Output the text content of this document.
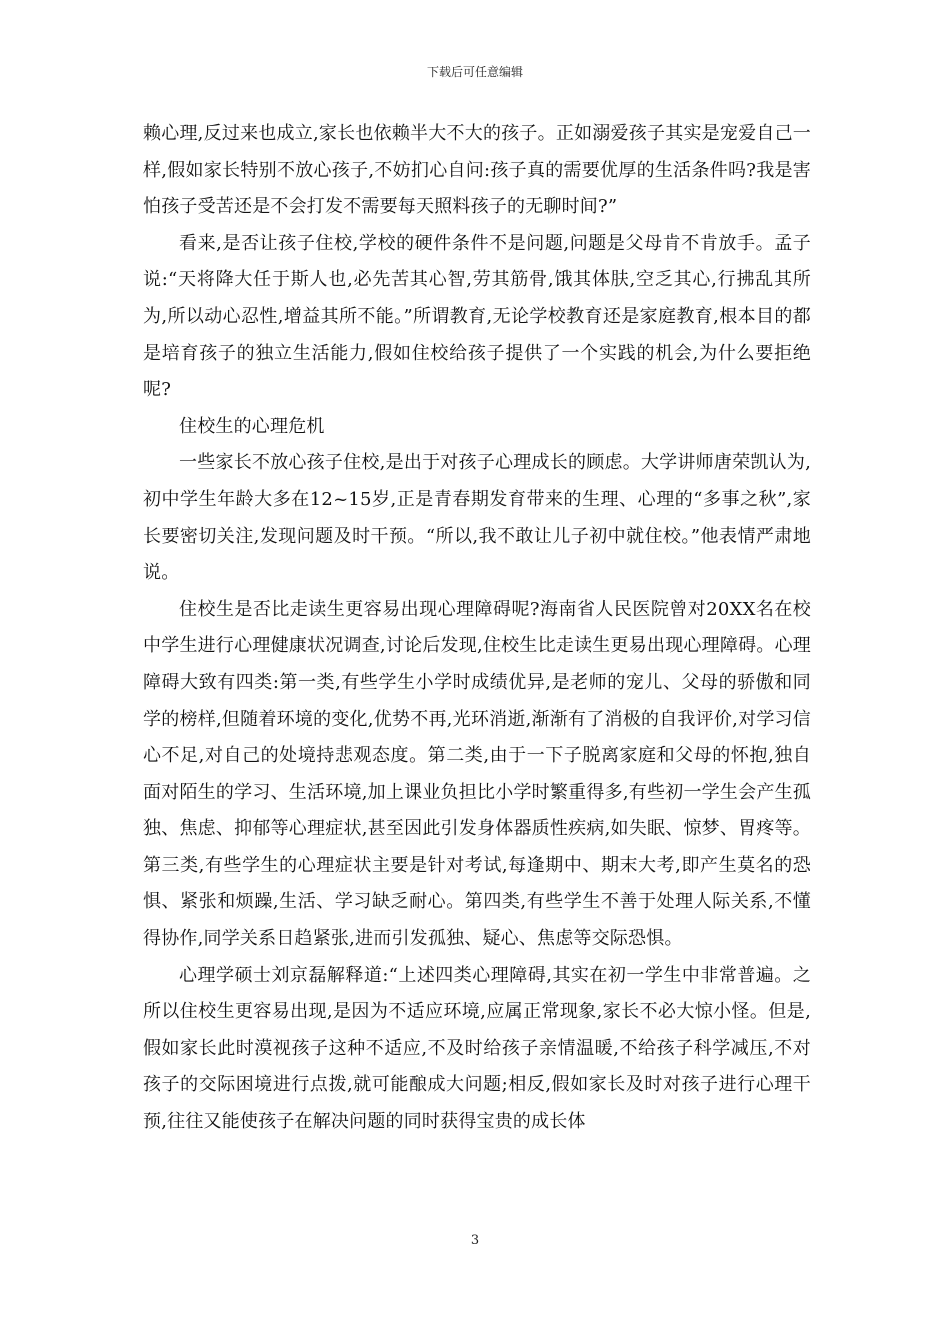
下载后可任意编辑

赖心理,反过来也成立,家长也依赖半大不大的孩子。正如溺爱孩子其实是宠爱自己一样,假如家长特别不放心孩子,不妨扪心自问:孩子真的需要优厚的生活条件吗?我是害怕孩子受苦还是不会打发不需要每天照料孩子的无聊时间?”

看来,是否让孩子住校,学校的硬件条件不是问题,问题是父母肯不肯放手。孟子说:“天将降大任于斯人也,必先苦其心智,劳其筋骨,饿其体肤,空乏其心,行拂乱其所为,所以动心忍性,增益其所不能。”所谓教育,无论学校教育还是家庭教育,根本目的都是培育孩子的独立生活能力,假如住校给孩子提供了一个实践的机会,为什么要拒绝呢?

住校生的心理危机

一些家长不放心孩子住校,是出于对孩子心理成长的顾虑。大学讲师唐荣凯认为,初中学生年龄大多在12~15岁,正是青春期发育带来的生理、心理的“多事之秋”,家长要密切关注,发现问题及时干预。“所以,我不敢让儿子初中就住校。”他表情严肃地说。

住校生是否比走读生更容易出现心理障碍呢?海南省人民医院曾对20XX名在校中学生进行心理健康状况调查,讨论后发现,住校生比走读生更易出现心理障碍。心理障碍大致有四类:第一类,有些学生小学时成绩优异,是老师的宠儿、父母的骄傲和同学的榜样,但随着环境的变化,优势不再,光环消逝,渐渐有了消极的自我评价,对学习信心不足,对自己的处境持悲观态度。第二类,由于一下子脱离家庭和父母的怀抱,独自面对陌生的学习、生活环境,加上课业负担比小学时繁重得多,有些初一学生会产生孤独、焦虑、抑郁等心理症状,甚至因此引发身体器质性疾病,如失眠、惊梦、胃疼等。第三类,有些学生的心理症状主要是针对考试,每逢期中、期末大考,即产生莫名的恐惧、紧张和烦躁,生活、学习缺乏耐心。第四类,有些学生不善于处理人际关系,不懂得协作,同学关系日趋紧张,进而引发孤独、疑心、焦虑等交际恐惧。

心理学硕士刘京磊解释道:“上述四类心理障碍,其实在初一学生中非常普遍。之所以住校生更容易出现,是因为不适应环境,应属正常现象,家长不必大惊小怪。但是,假如家长此时漠视孩子这种不适应,不及时给孩子亲情温暖,不给孩子科学减压,不对孩子的交际困境进行点拨,就可能酿成大问题;相反,假如家长及时对孩子进行心理干预,往往又能使孩子在解决问题的同时获得宝贵的成长体

3
